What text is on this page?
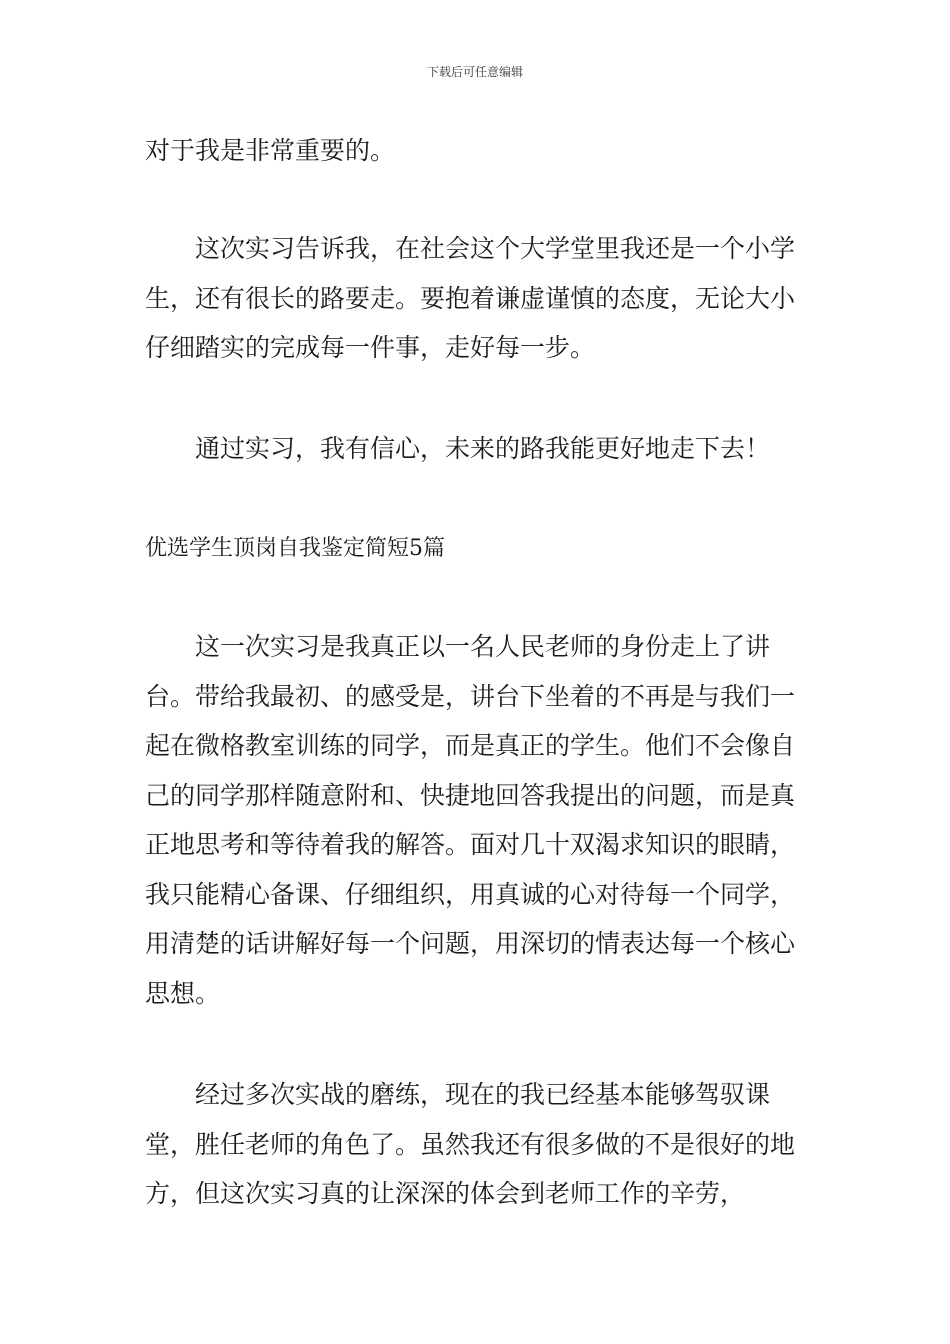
下载后可任意编辑

对于我是非常重要的。

这次实习告诉我，在社会这个大学堂里我还是一个小学生，还有很长的路要走。要抱着谦虚谨慎的态度，无论大小仔细踏实的完成每一件事，走好每一步。

通过实习，我有信心，未来的路我能更好地走下去！

优选学生顶岗自我鉴定简短5篇

这一次实习是我真正以一名人民老师的身份走上了讲台。带给我最初、的感受是，讲台下坐着的不再是与我们一起在微格教室训练的同学，而是真正的学生。他们不会像自己的同学那样随意附和、快捷地回答我提出的问题，而是真正地思考和等待着我的解答。面对几十双渴求知识的眼睛，我只能精心备课、仔细组织，用真诚的心对待每一个同学，用清楚的话讲解好每一个问题，用深切的情表达每一个核心思想。

经过多次实战的磨练，现在的我已经基本能够驾驭课堂，胜任老师的角色了。虽然我还有很多做的不是很好的地方，但这次实习真的让深深的体会到老师工作的辛劳，
